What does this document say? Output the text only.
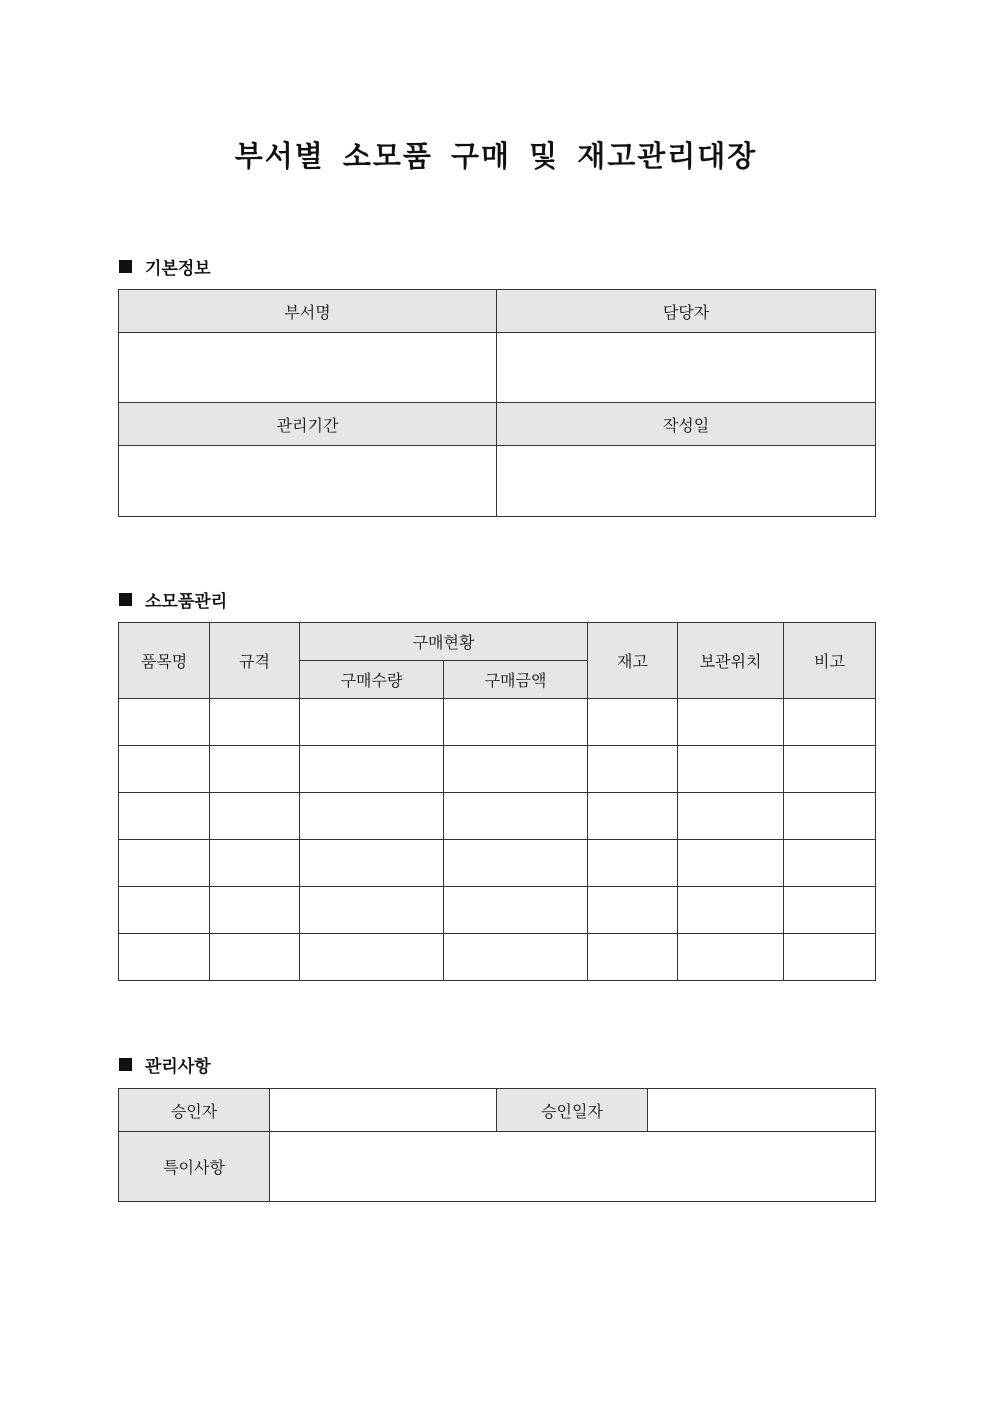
부서별 소모품 구매 및 재고관리대장
기본정보
부서명	담당자

관리기간	작성일

소모품관리
품목명	규격	구매현황		재고	보관위치	비고
		구매수량	구매금액			

관리사항
승인자		승인일자	
특이사항			
